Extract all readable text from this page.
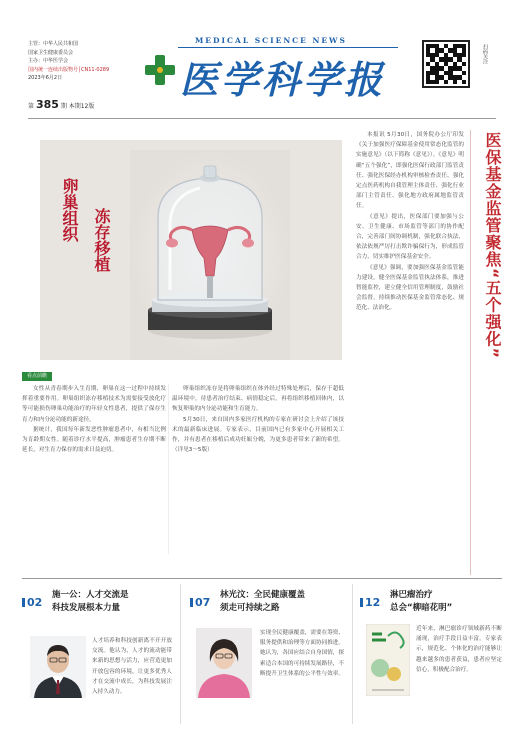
主管：中华人民共和国
国家卫生健康委员会
主办：中华医学会
国内统一连续出版物号│CN11-0289
2023年6月2日
第 385 期 本期12版
MEDICAL SCIENCE NEWS
医学科学报
扫码关注
卵巢组织 冻存移植

本报讯 5月30日，国务院办公厅印发《关于加强医疗保障基金使用常态化监管的实施意见》（以下简称《意见》）。《意见》明确“五个强化”，即强化医保行政部门监管责任、强化医保经办机构审核检查责任、强化定点医药机构自我管理主体责任、强化行业部门主管责任、强化地方政府属地监管责任。

《意见》提出，医保部门要加强与公安、卫生健康、市场监管等部门的协作配合，完善部门间协调机制，强化联合执法，依法依规严厉打击欺诈骗保行为，形成监管合力，切实维护医保基金安全。

《意见》强调，要加强医保基金监管能力建设，健全医保基金监管执法体系，推进智能监控，建立健全信用管理制度，鼓励社会监督，持续推动医保基金监管常态化、规范化、法治化。	医保基金监管聚焦“五个强化”
看点前瞻

女性从青春期步入生育期，卵巢在这一过程中持续发挥着重要作用。卵巢组织冻存移植技术为需要接受放化疗等可能损伤卵巢功能治疗的年轻女性患者，提供了保存生育力和内分泌功能的新途径。

据统计，我国每年新发恶性肿瘤患者中，有相当比例为育龄期女性。随着诊疗水平提高，肿瘤患者生存期不断延长，对生育力保存的需求日益迫切。

卵巢组织冻存是将卵巢组织在体外经过特殊处理后，保存于超低温环境中，待患者治疗结束、病情稳定后，再将组织移植回体内，以恢复卵巢的内分泌功能和生育能力。

5月30日，来自国内多家医疗机构的专家在研讨会上介绍了该技术的最新临床进展。专家表示，目前国内已有多家中心开展相关工作，并有患者在移植后成功妊娠分娩，为更多患者带来了新的希望。（详见3～5版）

02
施一公：人才交流是
科技发展根本力量
人才培养和科技创新离不开开放交流。他认为，人才的流动能带来新的思想与活力，应营造更加开放包容的环境，让更多优秀人才在交流中成长，为科技发展注入持久动力。
07
林光汶：全民健康覆盖
须走可持续之路
实现全民健康覆盖，需要在筹资、服务提供和治理等方面协同推进。她认为，各国应结合自身国情，探索适合本国的可持续发展路径，不断提升卫生体系的公平性与效率。
12
淋巴瘤治疗
总会“柳暗花明”
近年来，淋巴瘤诊疗领域新药不断涌现，治疗手段日益丰富。专家表示，规范化、个体化的治疗能够让越来越多的患者获益，患者应坚定信心，积极配合治疗。
